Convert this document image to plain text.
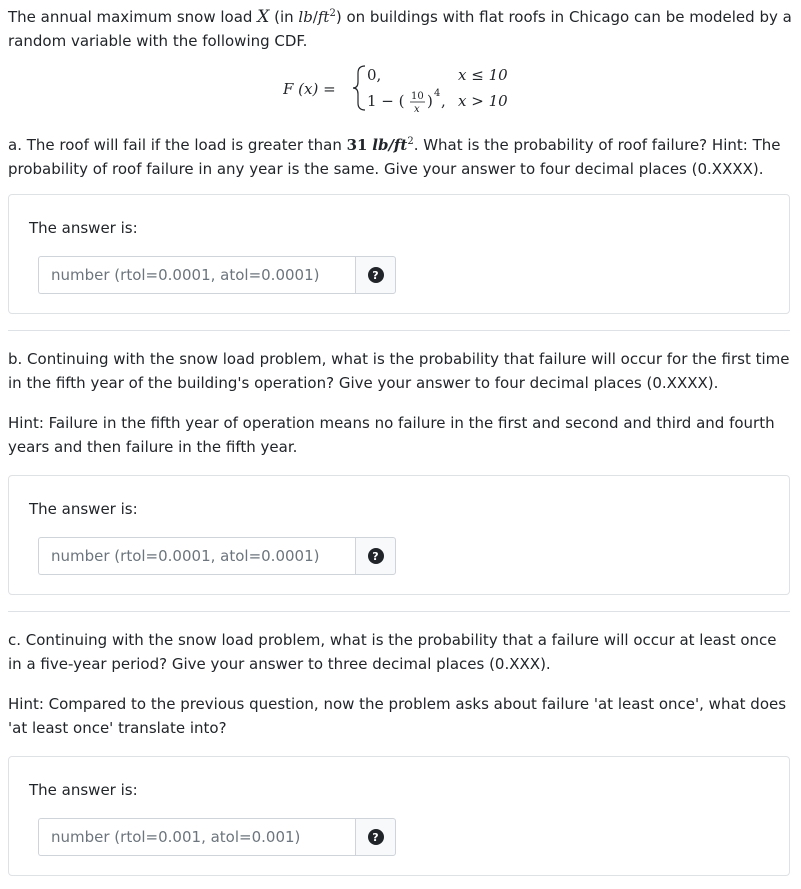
The annual maximum snow load X (in $lb/ft^2$) on buildings with flat roofs in Chicago can be modeled by a random variable with the following CDF.

F (x) =
0,	x ≤ 10
1 − ( 10
x ) 4 , x > 10

a. The roof will fail if the load is greater than 31 $lb/ft^2$. What is the probability of roof failure? Hint: The probability of roof failure in any year is the same. Give your answer to four decimal places (0.XXXX).

The answer is:
number (rtol=0.0001, atol=0.0001)
?

b. Continuing with the snow load problem, what is the probability that failure will occur for the first time in the fifth year of the building's operation? Give your answer to four decimal places (0.XXXX).

Hint: Failure in the fifth year of operation means no failure in the first and second and third and fourth years and then failure in the fifth year.

The answer is:
number (rtol=0.0001, atol=0.0001)
?

c. Continuing with the snow load problem, what is the probability that a failure will occur at least once in a five-year period? Give your answer to three decimal places (0.XXX).

Hint: Compared to the previous question, now the problem asks about failure 'at least once', what does 'at least once' translate into?

The answer is:
number (rtol=0.001, atol=0.001)
?
